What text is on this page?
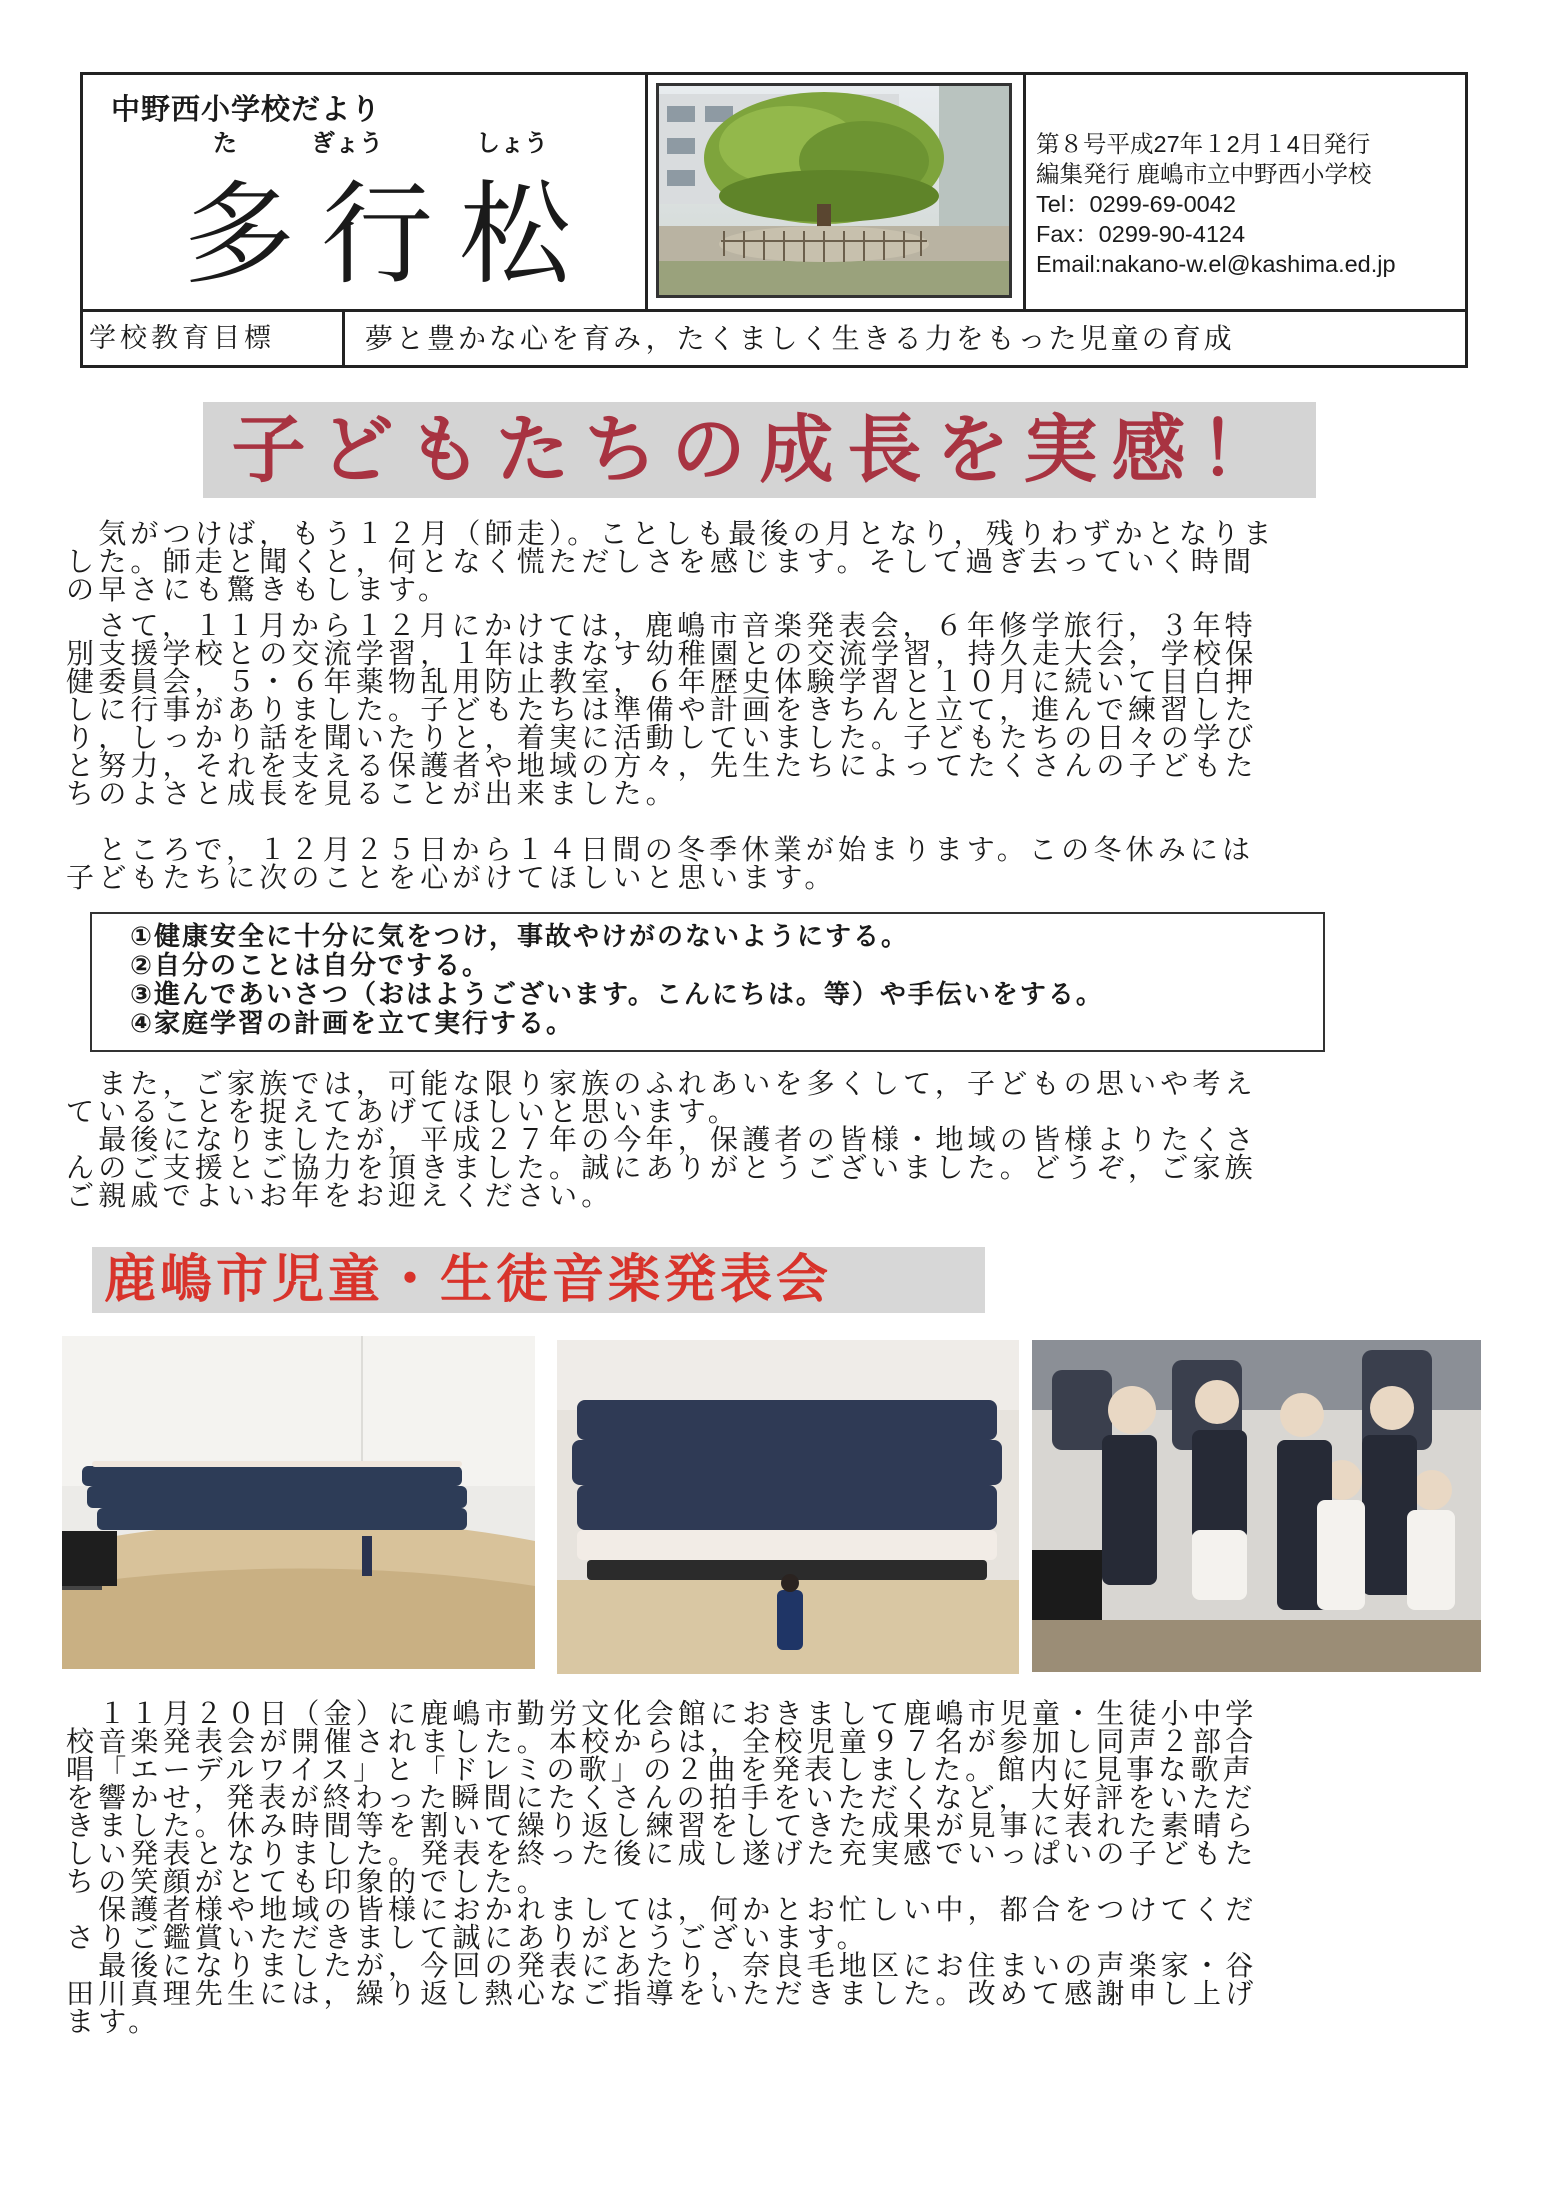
中野西小学校だより
た	ぎょう	しょう
多行松
第８号平成27年１2月１4日発行
編集発行 鹿嶋市立中野西小学校
Tel：0299-69-0042
Fax：0299-90-4124
Email:nakano-w.el@kashima.ed.jp
学校教育目標	夢と豊かな心を育み，たくましく生きる力をもった児童の育成
子どもたちの成長を実感！

　気がつけば，もう１２月（師走）。ことしも最後の月となり，残りわずかとなりま

した。師走と聞くと，何となく慌ただしさを感じます。そして過ぎ去っていく時間

の早さにも驚きもします。

　さて，１１月から１２月にかけては，鹿嶋市音楽発表会，６年修学旅行，３年特

別支援学校との交流学習，１年はまなす幼稚園との交流学習，持久走大会，学校保

健委員会，５・６年薬物乱用防止教室，６年歴史体験学習と１０月に続いて目白押

しに行事がありました。子どもたちは準備や計画をきちんと立て，進んで練習した

り，しっかり話を聞いたりと，着実に活動していました。子どもたちの日々の学び

と努力，それを支える保護者や地域の方々，先生たちによってたくさんの子どもた

ちのよさと成長を見ることが出来ました。

　ところで，１２月２５日から１４日間の冬季休業が始まります。この冬休みには

子どもたちに次のことを心がけてほしいと思います。

①健康安全に十分に気をつけ，事故やけがのないようにする。

②自分のことは自分でする。

③進んであいさつ（おはようございます。こんにちは。等）や手伝いをする。

④家庭学習の計画を立て実行する。

　また，ご家族では，可能な限り家族のふれあいを多くして，子どもの思いや考え

ていることを捉えてあげてほしいと思います。

　最後になりましたが，平成２７年の今年，保護者の皆様・地域の皆様よりたくさ

んのご支援とご協力を頂きました。誠にありがとうございました。どうぞ，ご家族

ご親戚でよいお年をお迎えください。

鹿嶋市児童・生徒音楽発表会

　１１月２０日（金）に鹿嶋市勤労文化会館におきまして鹿嶋市児童・生徒小中学

校音楽発表会が開催されました。本校からは，全校児童９７名が参加し同声２部合

唱「エーデルワイス」と「ドレミの歌」の２曲を発表しました。館内に見事な歌声

を響かせ，発表が終わった瞬間にたくさんの拍手をいただくなど，大好評をいただ

きました。休み時間等を割いて繰り返し練習をしてきた成果が見事に表れた素晴ら

しい発表となりました。発表を終った後に成し遂げた充実感でいっぱいの子どもた

ちの笑顔がとても印象的でした。

　保護者様や地域の皆様におかれましては，何かとお忙しい中，都合をつけてくだ

さりご鑑賞いただきまして誠にありがとうございます。

　最後になりましたが，今回の発表にあたり，奈良毛地区にお住まいの声楽家・谷

田川真理先生には，繰り返し熱心なご指導をいただきました。改めて感謝申し上げ

ます。
